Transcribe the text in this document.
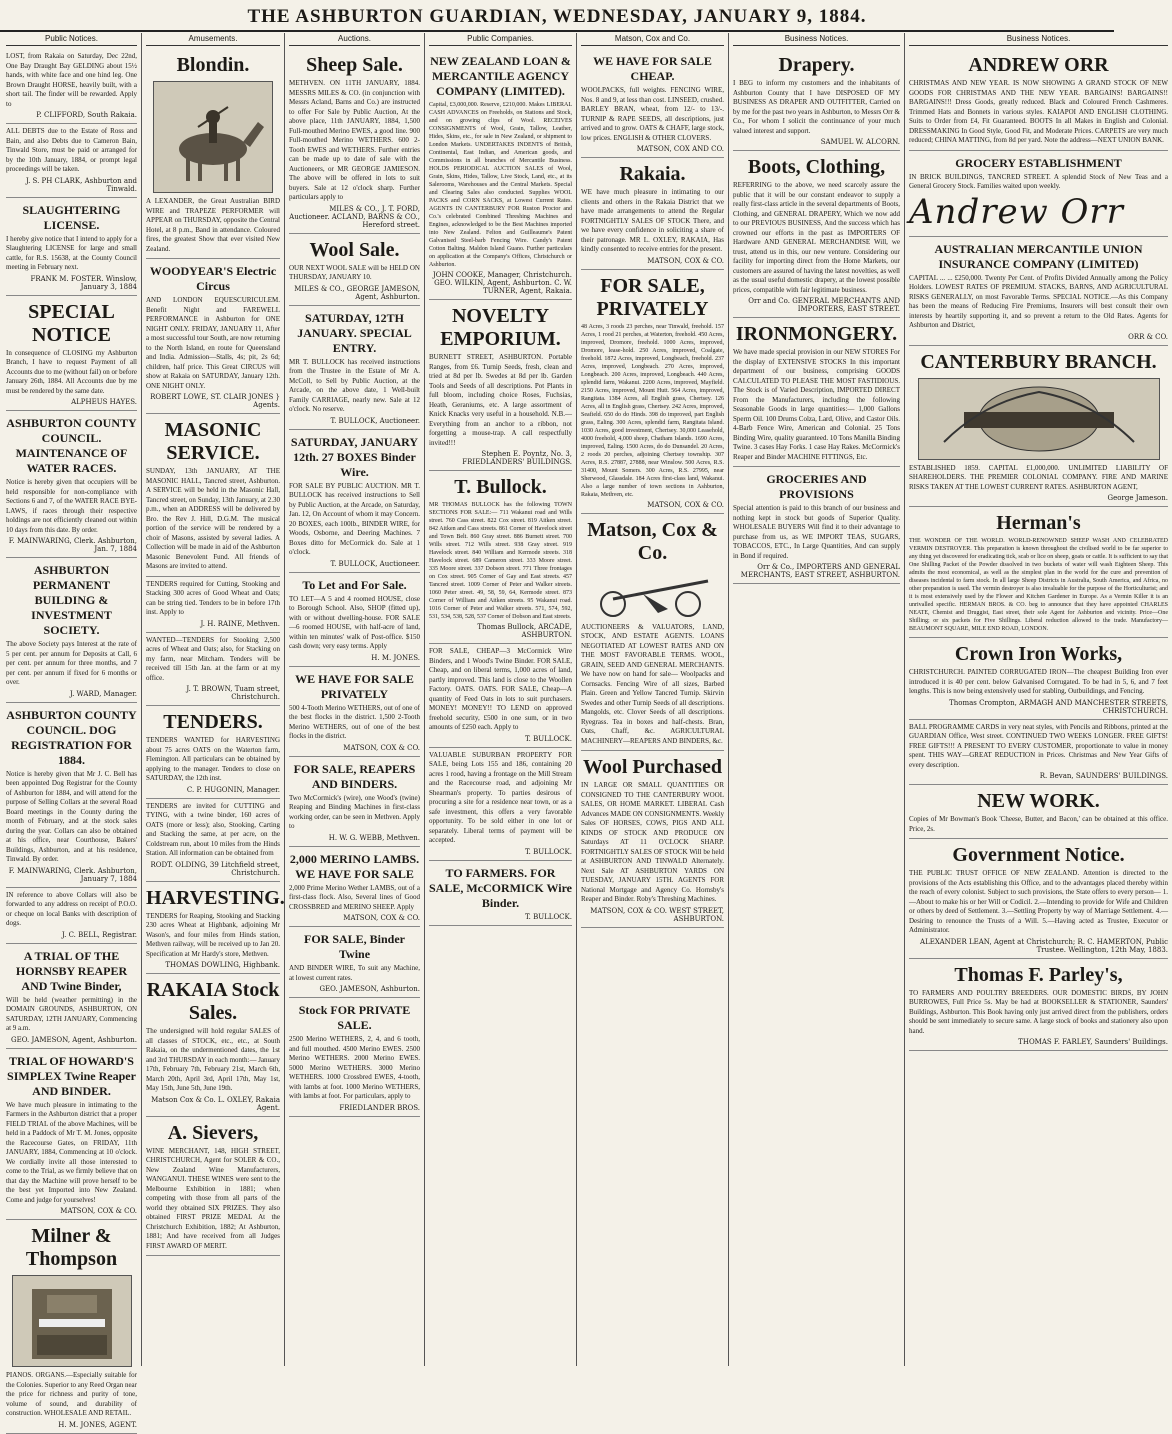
THE ASHBURTON GUARDIAN, WEDNESDAY, JANUARY 9, 1884.
Public Notices.

LOST, from Rakaia on Saturday, Dec 22nd, One Bay Draught Bay GELDING about 15½ hands, with white face and one hind leg. One Brown Draught HORSE, heavily built, with a short tail. The finder will be rewarded. Apply to

P. CLIFFORD, South Rakaia.

ALL DEBTS due to the Estate of Ross and Bain, and also Debts due to Cameron Bain, Tinwald Store, must be paid or arranged for by the 10th January, 1884, or prompt legal proceedings will be taken.

J. S. PH CLARK, Ashburton and Tinwald.
SLAUGHTERING LICENSE.

I hereby give notice that I intend to apply for a Slaughtering LICENSE for large and small cattle, for R.S. 15638, at the County Council meeting in February next.

FRANK M. FOSTER. Winslow, January 3, 1884
SPECIAL NOTICE

In consequence of CLOSING my Ashburton Branch, I have to request Payment of all Accounts due to me (without fail) on or before January 26th, 1884. All Accounts due by me must be rendered by the same date.

ALPHEUS HAYES.
ASHBURTON COUNTY COUNCIL. MAINTENANCE OF WATER RACES.

Notice is hereby given that occupiers will be held responsible for non-compliance with Sections 6 and 7, of the WATER RACE BYE-LAWS, if races through their respective holdings are not efficiently cleaned out within 10 days from this date. By order.

F. MAINWARING, Clerk. Ashburton, Jan. 7, 1884
ASHBURTON PERMANENT BUILDING & INVESTMENT SOCIETY.

The above Society pays Interest at the rate of 5 per cent. per annum for Deposits at Call, 6 per cent. per annum for three months, and 7 per cent. per annum if fixed for 6 months or over.

J. WARD, Manager.
ASHBURTON COUNTY COUNCIL. DOG REGISTRATION FOR 1884.

Notice is hereby given that Mr J. C. Bell has been appointed Dog Registrar for the County of Ashburton for 1884, and will attend for the purpose of Selling Collars at the several Road Board meetings in the County during the month of February, and at the stock sales during the year. Collars can also be obtained at his office, near Courthouse, Bakers' Buildings, Ashburton, and at his residence, Tinwald. By order.

F. MAINWARING, Clerk. Ashburton, January 7, 1884

IN reference to above Collars will also be forwarded to any address on receipt of P.O.O. or cheque on local Banks with description of dogs.

J. C. BELL, Registrar.
A TRIAL OF THE HORNSBY REAPER AND Twine Binder,

Will be held (weather permitting) in the DOMAIN GROUNDS, ASHBURTON, ON SATURDAY, 12TH JANUARY, Commencing at 9 a.m.

GEO. JAMESON, Agent, Ashburton.
TRIAL OF HOWARD'S SIMPLEX Twine Reaper AND BINDER.

We have much pleasure in intimating to the Farmers in the Ashburton district that a proper FIELD TRIAL of the above Machines, will be held in a Paddock of Mr T. M. Jones, opposite the Racecourse Gates, on FRIDAY, 11th JANUARY, 1884, Commencing at 10 o'clock. We cordially invite all those interested to come to the Trial, as we firmly believe that on that day the Machine will prove herself to be the best yet Imported into New Zealand. Come and judge for yourselves!

MATSON, COX & CO.
Milner & Thompson

PIANOS. ORGANS.—Especially suitable for the Colonies. Superior to any Reed Organ near the price for richness and purity of tone, volume of sound, and durability of construction. WHOLESALE AND RETAIL.

H. M. JONES, AGENT.
Amusements.
Blondin.

A LEXANDER, the Great Australian BIRD WIRE and TRAPEZE PERFORMER will APPEAR on THURSDAY, opposite the Central Hotel, at 8 p.m., Band in attendance. Coloured fires, the greatest Show that ever visited New Zealand.

WOODYEAR'S Electric Circus

AND LONDON EQUESCURICULEM. Benefit Night and FAREWELL PERFORMANCE in Ashburton for ONE NIGHT ONLY. FRIDAY, JANUARY 11, After a most successful tour South, are now returning to the North Island, en route for Queensland and India. Admission—Stalls, 4s; pit, 2s 6d; children, half price. This Great CIRCUS will show at Rakaia on SATURDAY, January 12th. ONE NIGHT ONLY.

ROBERT LOWE, ST. CLAIR JONES } Agents.
MASONIC SERVICE.

SUNDAY, 13th JANUARY, AT THE MASONIC HALL, Tancred street, Ashburton. A SERVICE will be held in the Masonic Hall, Tancred street, on Sunday, 13th January, at 2.30 p.m., when an ADDRESS will be delivered by Bro. the Rev J. Hill, D.G.M. The musical portion of the service will be rendered by a choir of Masons, assisted by several ladies. A Collection will be made in aid of the Ashburton Masonic Benevolent Fund. All friends of Masons are invited to attend.

TENDERS required for Cutting, Stooking and Stacking 300 acres of Good Wheat and Oats; can be string tied. Tenders to be in before 17th inst. Apply to

J. H. RAINE, Methven.

WANTED—TENDERS for Stooking 2,500 acres of Wheat and Oats; also, for Stacking on my farm, near Mitcham. Tenders will be received till 15th Jan. at the farm or at my office.

J. T. BROWN, Tuam street, Christchurch.
TENDERS.

TENDERS WANTED for HARVESTING about 75 acres OATS on the Waterton farm, Flemington. All particulars can be obtained by applying to the manager. Tenders to close on SATURDAY, the 12th inst.

C. P. HUGONIN, Manager.

TENDERS are invited for CUTTING and TYING, with a twine binder, 160 acres of OATS (more or less); also, Stooking, Carting and Stacking the same, at per acre, on the Coldstream run, about 10 miles from the Hinds Station. All information can be obtained from

RODT. OLDING, 39 Litchfield street, Christchurch.
HARVESTING.

TENDERS for Reaping, Stooking and Stacking 230 acres Wheat at Highbank, adjoining Mr Wason's, and four miles from Hinds station, Methven railway, will be received up to Jan 20. Specification at Mr Hardy's store, Methven.

THOMAS DOWLING, Highbank.
RAKAIA Stock Sales.

The undersigned will hold regular SALES of all classes of STOCK, etc., etc., at South Rakaia, on the undermentioned dates, the 1st and 3rd THURSDAY in each month:— January 17th, February 7th, February 21st, March 6th, March 20th, April 3rd, April 17th, May 1st, May 15th, June 5th, June 19th.

Matson Cox & Co. L. OXLEY, Rakaia Agent.
A. Sievers,

WINE MERCHANT, 148, HIGH STREET, CHRISTCHURCH, Agent for SOLER & CO., New Zealand Wine Manufacturers, WANGANUI. THESE WINES were sent to the Melbourne Exhibition in 1881; when competing with those from all parts of the world they obtained SIX PRIZES. They also obtained FIRST PRIZE MEDAL At the Christchurch Exhibition, 1882; At Ashburton, 1881; And have received from all Judges FIRST AWARD OF MERIT.

Auctions.
Sheep Sale.

METHVEN. ON 11TH JANUARY, 1884. MESSRS MILES & CO. (in conjunction with Messrs Acland, Barns and Co.) are instructed to offer For Sale by Public Auction, At the above place, 11th JANUARY, 1884, 1,500 Full-mouthed Merino EWES, a good line. 900 Full-mouthed Merino WETHERS. 600 2-Tooth EWES and WETHERS. Further entries can be made up to date of sale with the Auctioneers, or MR GEORGE JAMIESON. The above will be offered in lots to suit buyers. Sale at 12 o'clock sharp. Further particulars apply to

MILES & CO., J. T. FORD, Auctioneer. ACLAND, BARNS & CO., Hereford street.
Wool Sale.

OUR NEXT WOOL SALE will be HELD ON THURSDAY, JANUARY 10.

MILES & CO., GEORGE JAMESON, Agent, Ashburton.
SATURDAY, 12TH JANUARY. SPECIAL ENTRY.

MR T. BULLOCK has received instructions from the Trustee in the Estate of Mr A. McColl, to Sell by Public Auction, at the Arcade, on the above date, 1 Well-built Family CARRIAGE, nearly new. Sale at 12 o'clock. No reserve.

T. BULLOCK, Auctioneer.
SATURDAY, JANUARY 12th. 27 BOXES Binder Wire.

FOR SALE BY PUBLIC AUCTION. MR T. BULLOCK has received instructions to Sell by Public Auction, at the Arcade, on Saturday, Jan. 12, On Account of whom it may Concern. 20 BOXES, each 100lb., BINDER WIRE, for Woods, Osborne, and Deering Machines. 7 Boxes ditto for McCormick do. Sale at 1 o'clock.

T. BULLOCK, Auctioneer.
To Let and For Sale.

TO LET—A 5 and 4 roomed HOUSE, close to Borough School. Also, SHOP (fitted up), with or without dwelling-house. FOR SALE—6 roomed HOUSE, with half-acre of land, within ten minutes' walk of Post-office. $150 cash down; very easy terms. Apply

H. M. JONES.
WE HAVE FOR SALE PRIVATELY

500 4-Tooth Merino WETHERS, out of one of the best flocks in the district. 1,500 2-Tooth Merino WETHERS, out of one of the best flocks in the district.

MATSON, COX & CO.
FOR SALE, REAPERS AND BINDERS.

Two McCormick's (wire), one Wood's (twine) Reaping and Binding Machines in first-class working order, can be seen in Methven. Apply to

H. W. G. WEBB, Methven.
2,000 MERINO LAMBS. WE HAVE FOR SALE

2,000 Prime Merino Wether LAMBS, out of a first-class flock. Also, Several lines of Good CROSSBRED and MERINO SHEEP. Apply

MATSON, COX & CO.
FOR SALE, Binder Twine

AND BINDER WIRE, To suit any Machine, at lowest current rates.

GEO. JAMESON, Ashburton.
Stock FOR PRIVATE SALE.

2500 Merino WETHERS, 2, 4, and 6 tooth, and full mouthed. 4500 Merino EWES. 2500 Merino WETHERS. 2000 Merino EWES. 5000 Merino WETHERS. 3000 Merino WETHERS. 1000 Crossbred EWES, 4-tooth, with lambs at foot. 1000 Merino WETHERS, with lambs at foot. For particulars, apply to

FRIEDLANDER BROS.
Public Companies.
NEW ZEALAND LOAN & MERCANTILE AGENCY COMPANY (LIMITED).

Capital, £3,000,000. Reserve, £210,000. Makes LIBERAL CASH ADVANCES on Freeholds, on Stations and Stock, and on growing clips of Wool. RECEIVES CONSIGNMENTS of Wool, Grain, Tallow, Leather, Hides, Skins, etc., for sale in New Zealand, or shipment to London Markets. UNDERTAKES INDENTS of British, Continental, East Indian, and American goods, and Commissions in all branches of Mercantile Business. HOLDS PERIODICAL AUCTION SALES of Wool, Grain, Skins, Hides, Tallow, Live Stock, Land, etc., at its Salerooms, Warehouses and the Central Markets. Special and Clearing Sales also conducted. Supplies WOOL PACKS and CORN SACKS, at Lowest Current Rates. AGENTS IN CANTERBURY FOR Ruston Proctor and Co.'s celebrated Combined Threshing Machines and Engines, acknowledged to be the Best Machines imported into New Zealand. Felton and Guilleaume's Patent Galvanised Steel-barb Fencing Wire. Candy's Patent Cotton Balting. Maldon Island Guano. Further particulars on application at the Company's Offices, Christchurch or Ashburton.

JOHN COOKE, Manager, Christchurch. GEO. WILKIN, Agent, Ashburton. C. W. TURNER, Agent, Rakaia.
NOVELTY EMPORIUM.

BURNETT STREET, ASHBURTON. Portable Ranges, from £6. Turnip Seeds, fresh, clean and tried at 8d per lb. Swedes at 8d per lb. Garden Tools and Seeds of all descriptions. Pot Plants in full bloom, including choice Roses, Fuchsias, Heath, Geraniums, etc. A large assortment of Knick Knacks very useful in a household. N.B.—Everything from an anchor to a ribbon, not forgetting a mouse-trap. A call respectfully invited!!!

Stephen E. Poyntz, No. 3, FRIEDLANDERS' BUILDINGS.
T. Bullock.

MR THOMAS BULLOCK has the following TOWN SECTIONS FOR SALE:— 711 Wakanui road and Wills street. 760 Cass street. 822 Cox street. 819 Aitken street. 842 Aitken and Cass streets. 861 Corner of Havelock street and Town Belt. 860 Gray street. 886 Burnett street. 700 Wills street. 712 Wills street. 938 Gray street. 919 Havelock street. 840 William and Kermode streets. 318 Havelock street. 689 Cameron street. 333 Moore street. 335 Moore street. 337 Dobson street. 771 Three frontages on Cox street. 905 Corner of Gay and East streets. 457 Tancred street. 1009 Corner of Peter and Walker streets. 1060 Peter street. 49, 58, 59, 64, Kermode street. 873 Corner of William and Aitken streets. 95 Wakanui road. 1016 Corner of Peter and Walker streets. 571, 574, 592, 531, 534, 538, 528, 537 Corner of Dobson and East streets.

Thomas Bullock, ARCADE, ASHBURTON.

FOR SALE, CHEAP—3 McCormick Wire Binders, and 1 Wood's Twine Binder. FOR SALE, Cheap, and on liberal terms, 1,000 acres of land, partly improved. This land is close to the Woollen Factory. OATS. OATS. FOR SALE, Cheap—A quantity of Feed Oats in lots to suit purchasers. MONEY! MONEY!! TO LEND on approved freehold security, £500 in one sum, or in two amounts of £250 each. Apply to

T. BULLOCK.

VALUABLE SUBURBAN PROPERTY FOR SALE, being Lots 155 and 186, containing 20 acres 1 rood, having a frontage on the Mill Stream and the Racecourse road, and adjoining Mr Shearman's property. To parties desirous of procuring a site for a residence near town, or as a safe investment, this offers a very favorable opportunity. To be sold either in one lot or separately. Liberal terms of payment will be accepted.

T. BULLOCK.
TO FARMERS. FOR SALE, McCORMICK Wire Binder.
T. BULLOCK.
Matson, Cox and Co.
WE HAVE FOR SALE CHEAP.

WOOLPACKS, full weights. FENCING WIRE, Nos. 8 and 9, at less than cost. LINSEED, crushed. BARLEY BRAN, wheat, from 12/- to 13/-. TURNIP & RAPE SEEDS, all descriptions, just arrived and to grow. OATS & CHAFF, large stock, low prices. ENGLISH & OTHER CLOVERS.

MATSON, COX AND CO.
Rakaia.

WE have much pleasure in intimating to our clients and others in the Rakaia District that we have made arrangements to attend the Regular FORTNIGHTLY SALES OF STOCK There, and we have every confidence in soliciting a share of their patronage. MR L. OXLEY, RAKAIA, Has kindly consented to receive entries for the present.

MATSON, COX & CO.
FOR SALE, PRIVATELY

48 Acres, 3 roods 23 perches, near Tinwald, freehold. 157 Acres, 1 rood 21 perches, at Waterton, freehold. 450 Acres, improved, Dromore, freehold. 1000 Acres, improved, Dromore, lease-hold. 250 Acres, improved, Coalgate, freehold. 1872 Acres, improved, Longbeach, freehold. 237 Acres, improved, Longbeach. 270 Acres, improved, Longbeach. 200 Acres, improved, Longbeach. 440 Acres, splendid farm, Wakanui. 2200 Acres, improved, Mayfield. 2150 Acres, improved, Mount Hutt. 564 Acres, improved, Rangitata. 1384 Acres, all English grass, Chertsey. 126 Acres, all in English grass, Chertsey. 242 Acres, improved, Seafield. 650 do do Hinds. 398 do improved, part English grass, Ealing. 300 Acres, splendid farm, Rangitata Island. 1030 Acres, good investment, Chertsey. 30,000 Leasehold, 4000 freehold, 4,000 sheep, Chatham Islands. 1690 Acres, improved, Ealing. 1500 Acres, do do Dunsandel. 20 Acres, 2 roods 20 perches, adjoining Chertsey township. 307 Acres, R.S. 27887, 27888, near Winslow. 500 Acres, R.S. 31400, Mount Somers. 300 Acres, R.S. 27995, near Sherwood, Glassdale. 184 Acres first-class land, Wakanui. Also a large number of town sections in Ashburton, Rakaia, Methven, etc.

MATSON, COX & CO.
Matson, Cox & Co.

AUCTIONEERS & VALUATORS, LAND, STOCK, AND ESTATE AGENTS. LOANS NEGOTIATED AT LOWEST RATES AND ON THE MOST FAVORABLE TERMS. WOOL, GRAIN, SEED AND GENERAL MERCHANTS. We have now on hand for sale— Woolpacks and Cornsacks. Fencing Wire of all sizes, Barbed Plain. Green and Yellow Tancred Turnip. Skirvin Swedes and other Turnip Seeds of all descriptions. Mangolds, etc. Clover Seeds of all descriptions. Ryegrass. Tea in boxes and half-chests. Bran, Oats, Chaff, &c. AGRICULTURAL MACHINERY—REAPERS AND BINDERS, &c.

Wool Purchased

IN LARGE OR SMALL QUANTITIES OR CONSIGNED TO THE CANTERBURY WOOL SALES, OR HOME MARKET. LIBERAL Cash Advances MADE ON CONSIGNMENTS. Weekly Sales OF HORSES, COWS, PIGS AND ALL KINDS OF STOCK AND PRODUCE ON Saturdays AT 11 O'CLOCK SHARP. FORTNIGHTLY SALES OF STOCK Will be held at ASHBURTON AND TINWALD Alternately. Next Sale AT ASHBURTON YARDS ON TUESDAY, JANUARY 15TH. AGENTS FOR National Mortgage and Agency Co. Hornsby's Reaper and Binder. Roby's Threshing Machines.

MATSON, COX & CO. WEST STREET, ASHBURTON.
Business Notices.
Drapery.

I BEG to inform my customers and the inhabitants of Ashburton County that I have DISPOSED OF MY BUSINESS AS DRAPER AND OUTFITTER, Carried on by me for the past two years in Ashburton, to Messrs Orr & Co., For whom I solicit the continuance of your much valued interest and support.

SAMUEL W. ALCORN.
Boots, Clothing,

REFERRING to the above, we need scarcely assure the public that it will be our constant endeavor to supply a really first-class article in the several departments of Boots, Clothing, and GENERAL DRAPERY, Which we now add to our PREVIOUS BUSINESS, And the success which has crowned our efforts in the past as IMPORTERS OF Hardware AND GENERAL MERCHANDISE Will, we trust, attend us in this, our new venture. Considering our facility for importing direct from the Home Markets, our customers are assured of having the latest novelties, as well as the usual useful domestic drapery, at the lowest possible prices, compatible with fair legitimate business.

Orr and Co. GENERAL MERCHANTS AND IMPORTERS, EAST STREET.
IRONMONGERY.

We have made special provision in our NEW STORES For the display of EXTENSIVE STOCKS In this important department of our business, comprising GOODS CALCULATED TO PLEASE THE MOST FASTIDIOUS. The Stock is of Varied Description, IMPORTED DIRECT From the Manufacturers, including the following Seasonable Goods in large quantities:— 1,000 Gallons Sperm Oil. 100 Drums Colza, Lard, Olive, and Castor Oils. 4-Barb Fence Wire, American and Colonial. 25 Tons Binding Wire, quality guaranteed. 10 Tons Manilla Binding Twine. 3 cases Hay Forks. 1 case Hay Rakes. McCormick's Reaper and Binder MACHINE FITTINGS, Etc.

GROCERIES AND PROVISIONS

Special attention is paid to this branch of our business and nothing kept in stock but goods of Superior Quality. WHOLESALE BUYERS Will find it to their advantage to purchase from us, as WE IMPORT TEAS, SUGARS, TOBACCOS, ETC., In Large Quantities, And can supply in Bond if required.

Orr & Co., IMPORTERS AND GENERAL MERCHANTS, EAST STREET, ASHBURTON.
Business Notices.
ANDREW ORR

CHRISTMAS AND NEW YEAR. IS NOW SHOWING A GRAND STOCK OF NEW GOODS FOR CHRISTMAS AND THE NEW YEAR. BARGAINS! BARGAINS!! BARGAINS!!! Dress Goods, greatly reduced. Black and Coloured French Cashmeres. Trimmed Hats and Bonnets in various styles. KAIAPOI AND ENGLISH CLOTHING. Suits to Order from £4, Fit Guaranteed. BOOTS In all Makes in English and Colonial. DRESSMAKING In Good Style, Good Fit, and Moderate Prices. CARPETS are very much reduced; CHINA MATTING, from 8d per yard. Note the address—NEXT UNION BANK.

GROCERY ESTABLISHMENT

IN BRICK BUILDINGS, TANCRED STREET. A splendid Stock of New Teas and a General Grocery Stock. Families waited upon weekly.

Andrew Orr
AUSTRALIAN MERCANTILE UNION INSURANCE COMPANY (LIMITED)

CAPITAL ... ... £250,000. Twenty Per Cent. of Profits Divided Annually among the Policy Holders. LOWEST RATES OF PREMIUM. STACKS, BARNS, AND AGRICULTURAL RISKS GENERALLY, on most Favorable Terms. SPECIAL NOTICE.—As this Company has been the means of Reducing Fire Premiums, Insurers will best consult their own interests by heartily supporting it, and so prevent a return to the Old Rates. Agents for Ashburton and District,

ORR & CO.
CANTERBURY BRANCH.

ESTABLISHED 1859. CAPITAL £1,000,000. UNLIMITED LIABILITY OF SHAREHOLDERS. THE PREMIER COLONIAL COMPANY. FIRE AND MARINE RISKS TAKEN AT THE LOWEST CURRENT RATES. ASHBURTON AGENT,

George Jameson.
Herman's

THE WONDER OF THE WORLD. WORLD-RENOWNED SHEEP WASH AND CELEBRATED VERMIN DESTROYER. This preparation is known throughout the civilised world to be far superior to any thing yet discovered for eradicating tick, scab or lice on sheep, goats or cattle. It is sufficient to say that One Shilling Packet of the Powder dissolved in two buckets of water will wash Eighteen Sheep. This admits the most economical, as well as the simplest plan in the world for the cure and prevention of diseases incidental to farm stock. In all large Sheep Districts in Australia, South America, and Africa, no other preparation is used. The vermin destroyer is also invaluable for the purpose of the Horticulturist; and it is most extensively used by the Flower and Kitchen Gardener in Europe. As a Vermin Killer it is an unrivalled specific. HERMAN BROS. & CO. beg to announce that they have appointed CHARLES NEATE, Chemist and Druggist, East street, their sole Agent for Ashburton and vicinity. Price—One Shilling; or six packets for Five Shillings. Liberal reduction allowed to the trade. Manufactory—BEAUMONT SQUARE, MILE END ROAD, LONDON.

Crown Iron Works,

CHRISTCHURCH. PAINTED CORRUGATED IRON—The cheapest Building Iron ever introduced it is 40 per cent. below Galvanised Corrugated. To be had in 5, 6, and 7 feet lengths. This is now being extensively used for stabling, Outbuildings, and Fencing.

Thomas Crompton, ARMAGH AND MANCHESTER STREETS, CHRISTCHURCH.

BALL PROGRAMME CARDS in very neat styles, with Pencils and Ribbons, printed at the GUARDIAN Office, West street. CONTINUED TWO WEEKS LONGER. FREE GIFTS! FREE GIFTS!!! A PRESENT TO EVERY CUSTOMER, proportionate to value in money spent. THIS WAY—GREAT REDUCTION in Prices. Christmas and New Year Gifts of every description.

R. Bevan, SAUNDERS' BUILDINGS.
NEW WORK.

Copies of Mr Bowman's Book 'Cheese, Butter, and Bacon,' can be obtained at this office. Price, 2s.

Government Notice.

THE PUBLIC TRUST OFFICE OF NEW ZEALAND. Attention is directed to the provisions of the Acts establishing this Office, and to the advantages placed thereby within the reach of every colonist. Subject to such provisions, the State offers to every person— 1.—About to make his or her Will or Codicil. 2.—Intending to provide for Wife and Children or others by deed of Settlement. 3.—Settling Property by way of Marriage Settlement. 4.—Desiring to renounce the Trusts of a Will. 5.—Having acted as Trustee, Executor or Administrator.

ALEXANDER LEAN, Agent at Christchurch; R. C. HAMERTON, Public Trustee. Wellington, 12th May, 1883.
Thomas F. Parley's,

TO FARMERS AND POULTRY BREEDERS. OUR DOMESTIC BIRDS, BY JOHN BURROWES, Full Price 5s. May be had at BOOKSELLER & STATIONER, Saunders' Buildings, Ashburton. This Book having only just arrived direct from the publishers, orders should be sent immediately to secure same. A large stock of books and stationery also upon hand.

THOMAS F. FARLEY, Saunders' Buildings.
